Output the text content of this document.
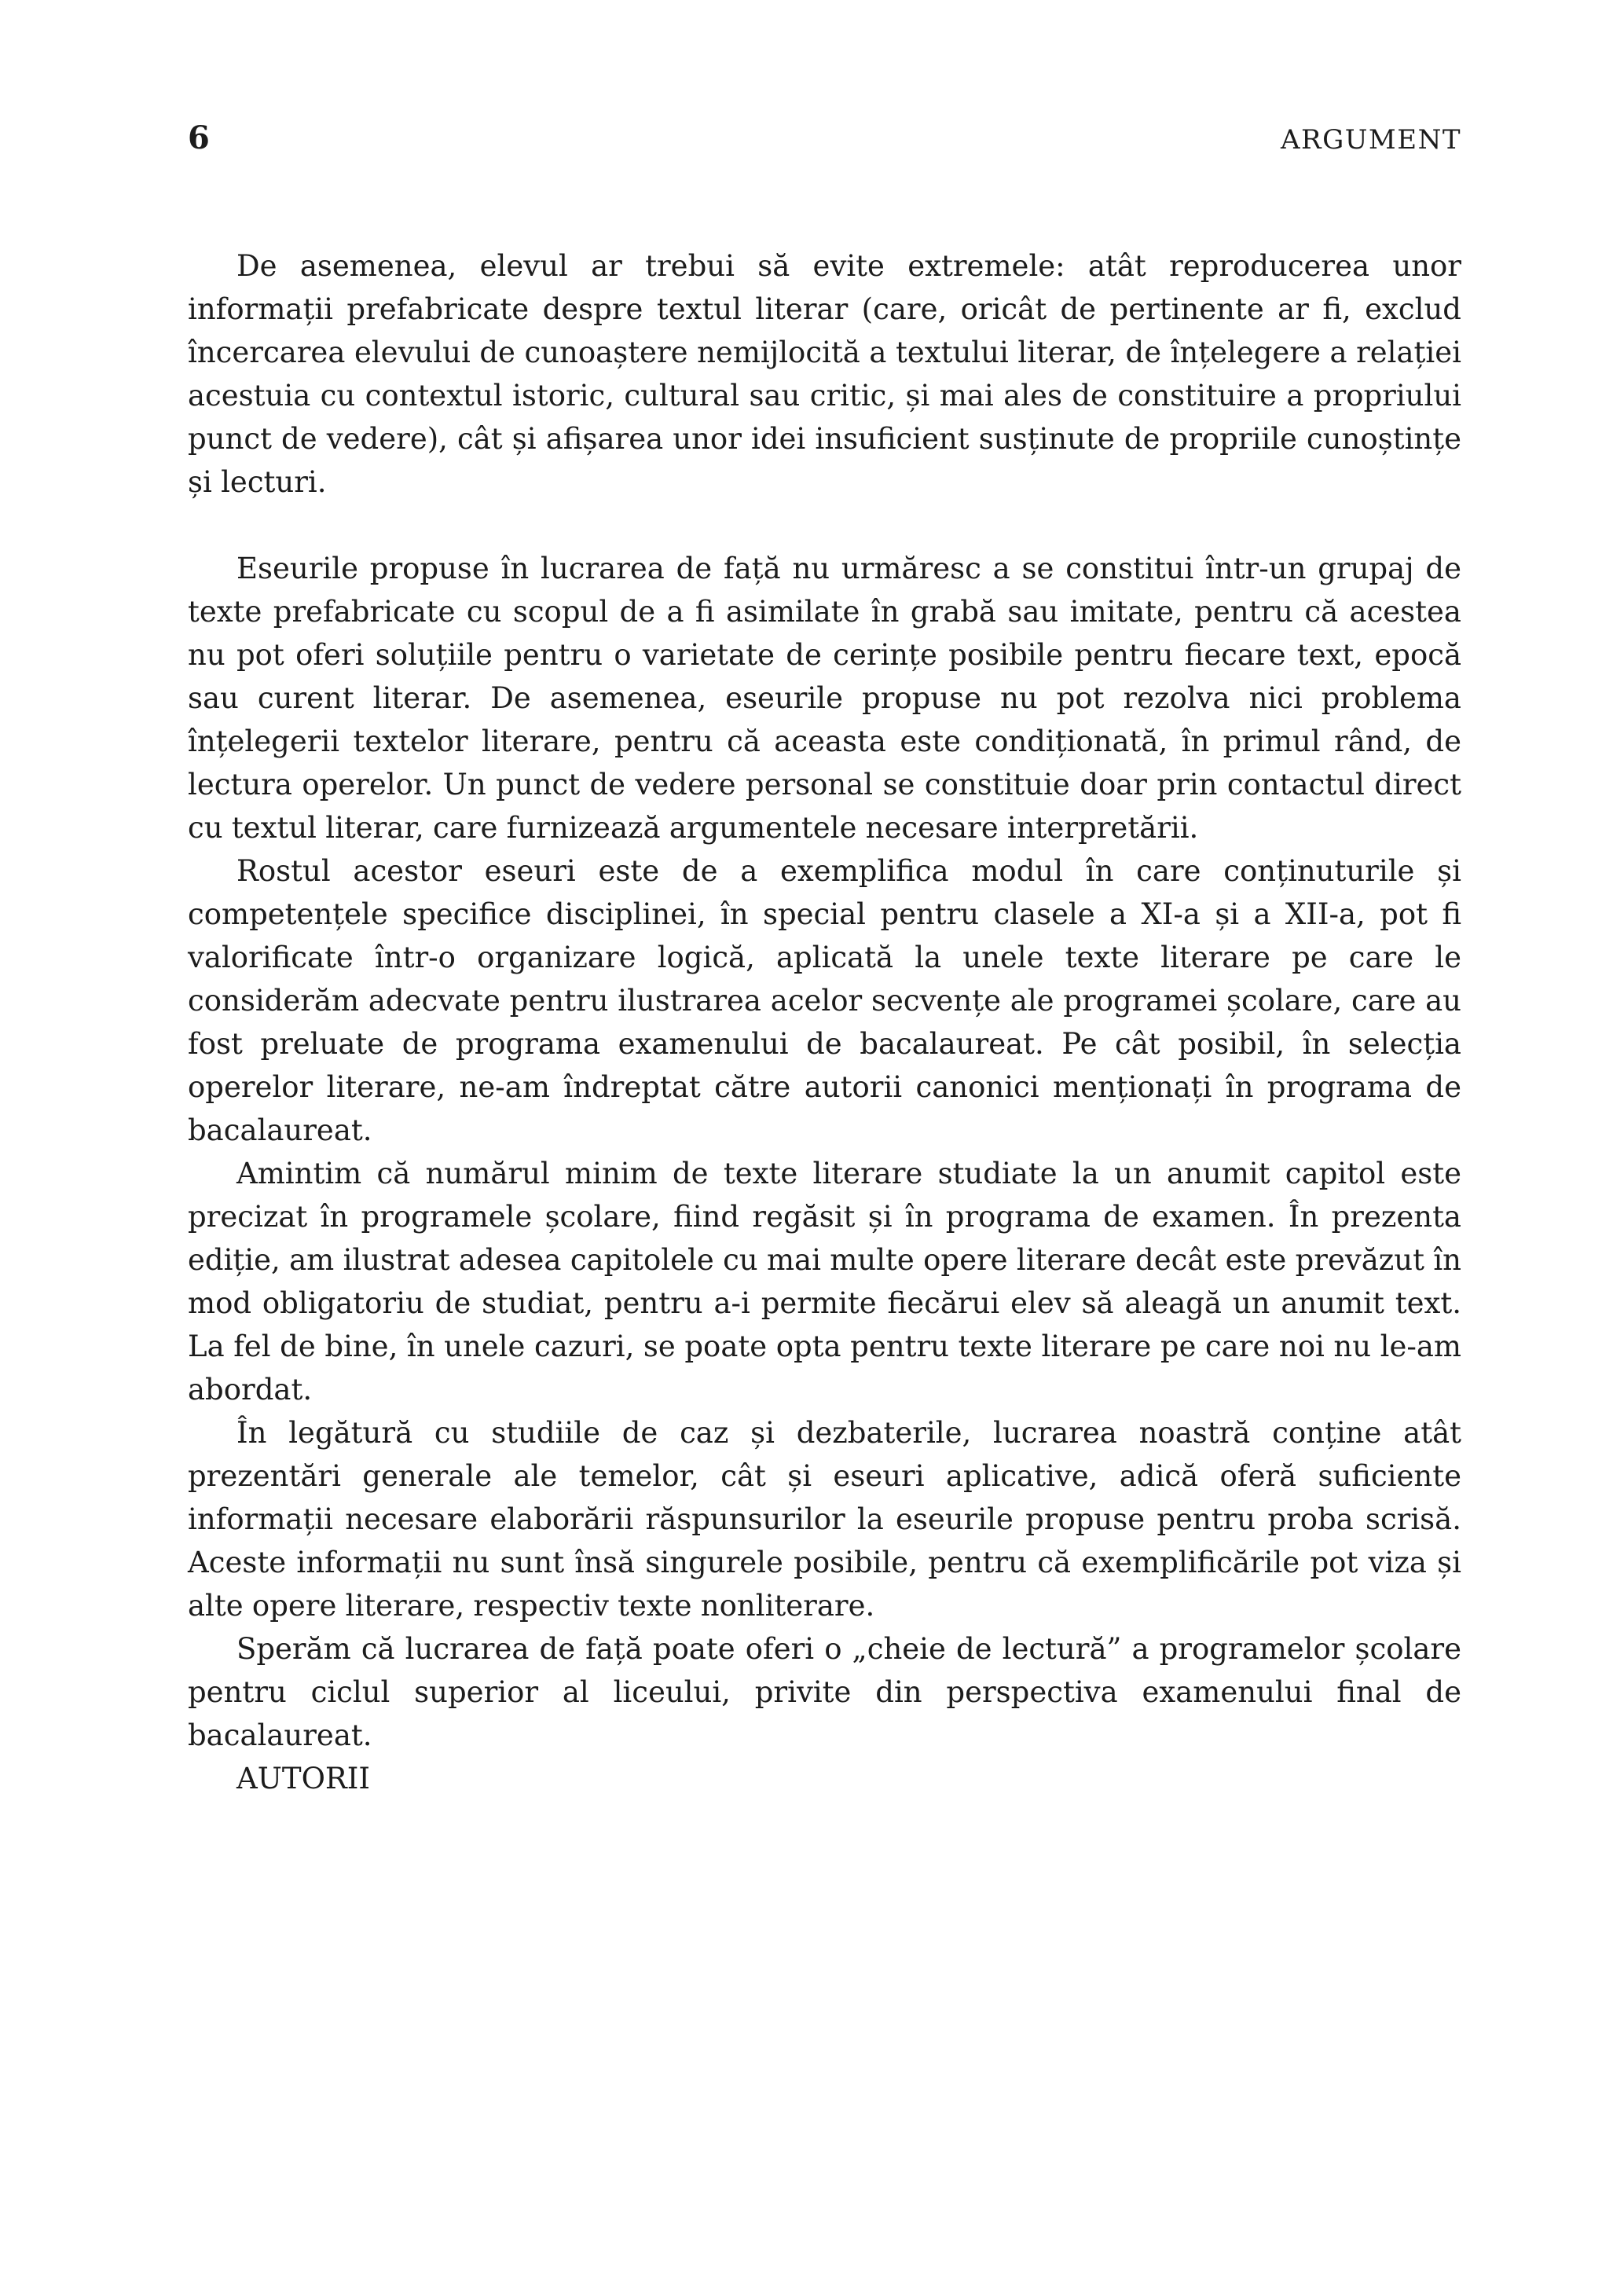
6	ARGUMENT

De asemenea, elevul ar trebui să evite extremele: atât reproducerea unor informații prefabricate despre textul literar (care, oricât de pertinente ar fi, exclud încercarea elevului de cunoaștere nemijlocită a textului literar, de înțelegere a relației acestuia cu contextul istoric, cultural sau critic, și mai ales de constituire a propriului punct de vedere), cât și afișarea unor idei insuficient susținute de propriile cunoștințe și lecturi.

Eseurile propuse în lucrarea de față nu urmăresc a se constitui într-un grupaj de texte prefabricate cu scopul de a fi asimilate în grabă sau imitate, pentru că acestea nu pot oferi soluțiile pentru o varietate de cerințe posibile pentru fiecare text, epocă sau curent literar. De asemenea, eseurile propuse nu pot rezolva nici problema înțelegerii textelor literare, pentru că aceasta este condiționată, în primul rând, de lectura operelor. Un punct de vedere personal se constituie doar prin contactul direct cu textul literar, care furnizează argumentele necesare interpretării.

Rostul acestor eseuri este de a exemplifica modul în care conținuturile și competențele specifice disciplinei, în special pentru clasele a XI-a și a XII-a, pot fi valorificate într-o organizare logică, aplicată la unele texte literare pe care le considerăm adecvate pentru ilustrarea acelor secvențe ale programei școlare, care au fost preluate de programa examenului de bacalaureat. Pe cât posibil, în selecția operelor literare, ne-am îndreptat către autorii canonici menționați în programa de bacalaureat.

Amintim că numărul minim de texte literare studiate la un anumit capitol este precizat în programele școlare, fiind regăsit și în programa de examen. În prezenta ediție, am ilustrat adesea capitolele cu mai multe opere literare decât este prevăzut în mod obligatoriu de studiat, pentru a-i permite fiecărui elev să aleagă un anumit text. La fel de bine, în unele cazuri, se poate opta pentru texte literare pe care noi nu le-am abordat.

În legătură cu studiile de caz și dezbaterile, lucrarea noastră conține atât prezentări generale ale temelor, cât și eseuri aplicative, adică oferă suficiente informații necesare elaborării răspunsurilor la eseurile propuse pentru proba scrisă. Aceste informații nu sunt însă singurele posibile, pentru că exemplificările pot viza și alte opere literare, respectiv texte nonliterare.

Sperăm că lucrarea de față poate oferi o „cheie de lectură” a programelor școlare pentru ciclul superior al liceului, privite din perspectiva examenului final de bacalaureat.

AUTORII
